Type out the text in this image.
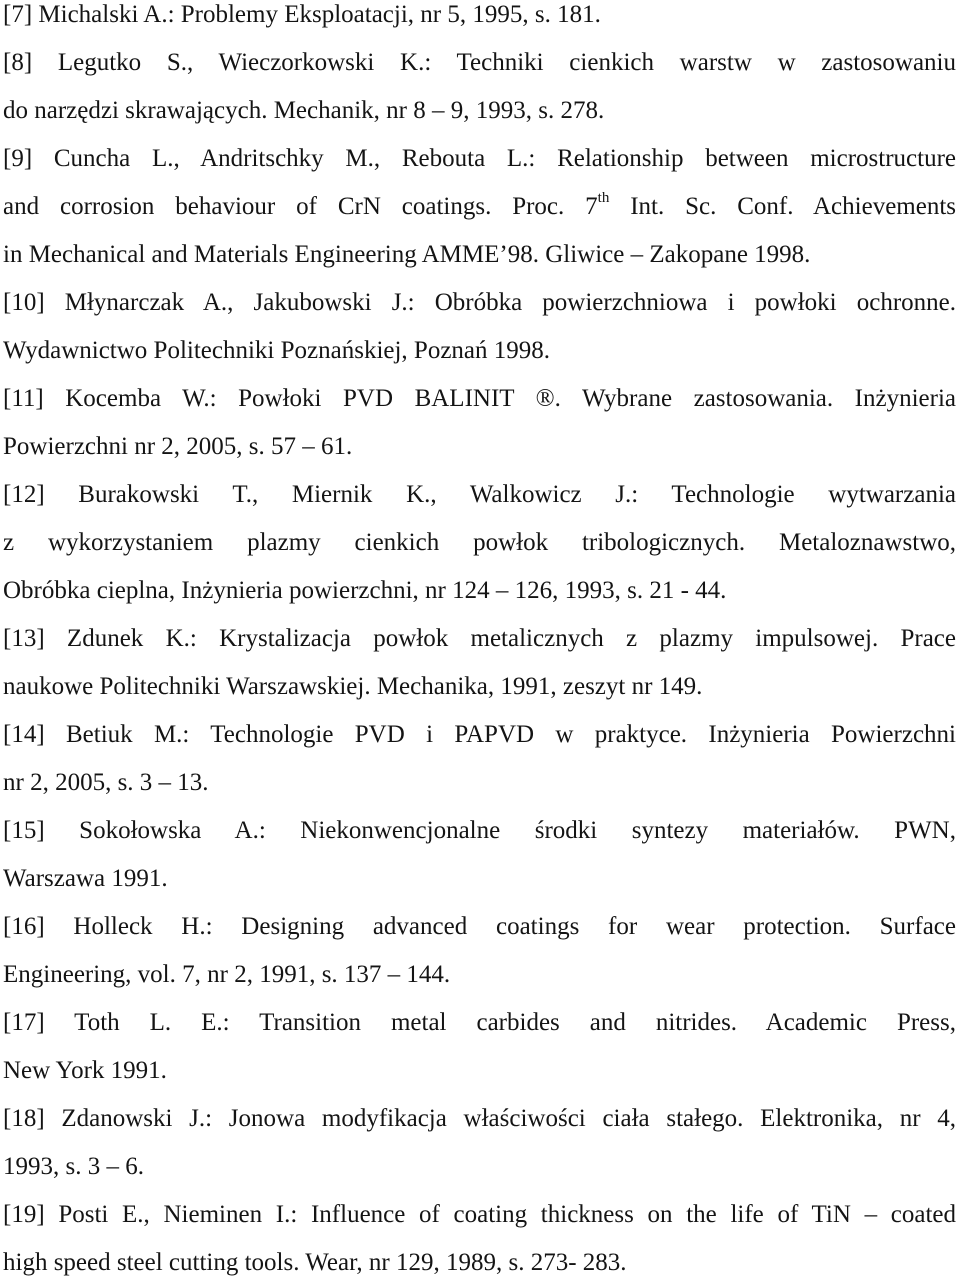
[7] Michalski A.: Problemy Eksploatacji, nr 5, 1995, s. 181.
[8] Legutko S., Wieczorkowski K.: Techniki cienkich warstw w zastosowaniu
do narzędzi skrawających. Mechanik, nr 8 – 9, 1993, s. 278.
[9] Cuncha L., Andritschky M., Rebouta L.: Relationship between microstructure
and corrosion behaviour of CrN coatings. Proc. 7th Int. Sc. Conf. Achievements
in Mechanical and Materials Engineering AMME’98. Gliwice – Zakopane 1998.
[10] Młynarczak A., Jakubowski J.: Obróbka powierzchniowa i powłoki ochronne.
Wydawnictwo Politechniki Poznańskiej, Poznań 1998.
[11] Kocemba W.: Powłoki PVD BALINIT ®. Wybrane zastosowania. Inżynieria
Powierzchni nr 2, 2005, s. 57 – 61.
[12] Burakowski T., Miernik K., Walkowicz J.: Technologie wytwarzania
z wykorzystaniem plazmy cienkich powłok tribologicznych. Metaloznawstwo,
Obróbka cieplna, Inżynieria powierzchni, nr 124 – 126, 1993, s. 21 - 44.
[13] Zdunek K.: Krystalizacja powłok metalicznych z plazmy impulsowej. Prace
naukowe Politechniki Warszawskiej. Mechanika, 1991, zeszyt nr 149.
[14] Betiuk M.: Technologie PVD i PAPVD w praktyce. Inżynieria Powierzchni
nr 2, 2005, s. 3 – 13.
[15] Sokołowska A.: Niekonwencjonalne środki syntezy materiałów. PWN,
Warszawa 1991.
[16] Holleck H.: Designing advanced coatings for wear protection. Surface
Engineering, vol. 7, nr 2, 1991, s. 137 – 144.
[17] Toth L. E.: Transition metal carbides and nitrides. Academic Press,
New York 1991.
[18] Zdanowski J.: Jonowa modyfikacja właściwości ciała stałego. Elektronika, nr 4,
1993, s. 3 – 6.
[19] Posti E., Nieminen I.: Influence of coating thickness on the life of TiN – coated
high speed steel cutting tools. Wear, nr 129, 1989, s. 273- 283.
